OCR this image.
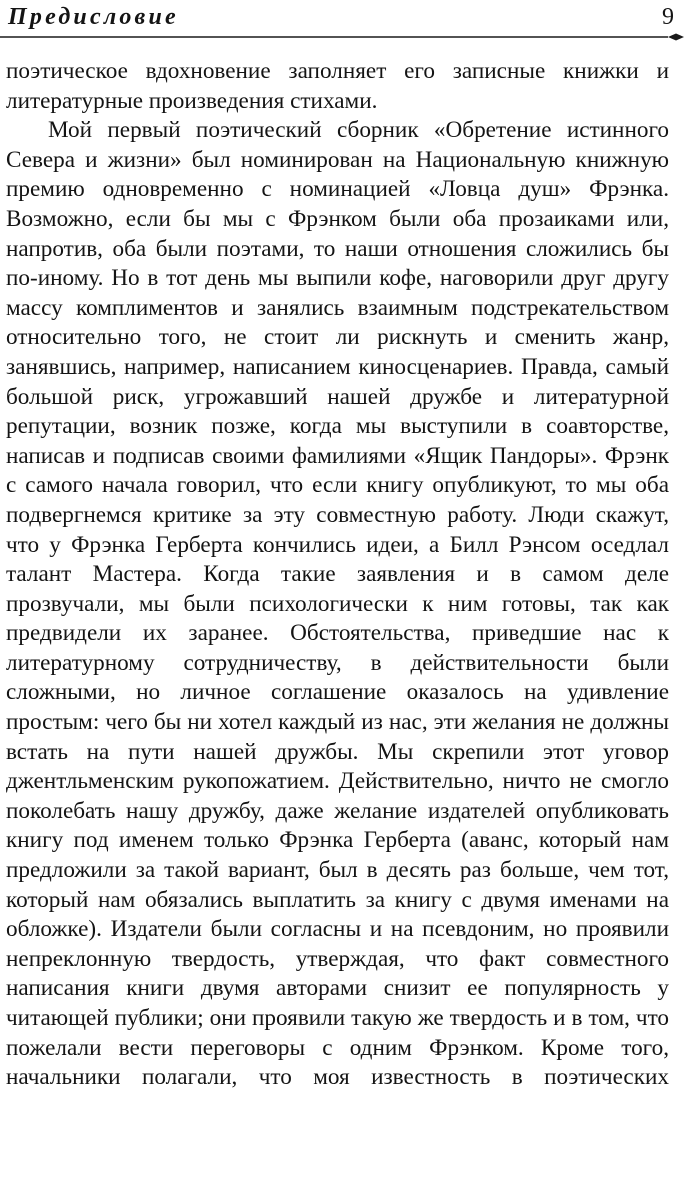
Предисловие	9

поэтическое вдохновение заполняет его записные книжки и литературные произведения стихами.

Мой первый поэтический сборник «Обретение истинного Севера и жизни» был номинирован на Национальную книжную премию одновременно с номинацией «Ловца душ» Фрэнка. Возможно, если бы мы с Фрэнком были оба прозаиками или, напротив, оба были поэтами, то наши отношения сложились бы по-иному. Но в тот день мы выпили кофе, наговорили друг другу массу комплиментов и занялись взаимным подстрекательством относительно того, не стоит ли рискнуть и сменить жанр, занявшись, например, написанием киносценариев. Правда, самый большой риск, угрожавший нашей дружбе и литературной репутации, возник позже, когда мы выступили в соавторстве, написав и подписав своими фамилиями «Ящик Пандоры». Фрэнк с самого начала говорил, что если книгу опубликуют, то мы оба подвергнемся критике за эту совместную работу. Люди скажут, что у Фрэнка Герберта кончились идеи, а Билл Рэнсом оседлал талант Мастера. Когда такие заявления и в самом деле прозвучали, мы были психологически к ним готовы, так как предвидели их заранее. Обстоятельства, приведшие нас к литературному сотрудничеству, в действительности были сложными, но личное соглашение оказалось на удивление простым: чего бы ни хотел каждый из нас, эти желания не должны встать на пути нашей дружбы. Мы скрепили этот уговор джентльменским рукопожатием. Действительно, ничто не смогло поколебать нашу дружбу, даже желание издателей опубликовать книгу под именем только Фрэнка Герберта (аванс, который нам предложили за такой вариант, был в десять раз больше, чем тот, который нам обязались выплатить за книгу с двумя именами на обложке). Издатели были согласны и на псевдоним, но проявили непреклонную твердость, утверждая, что факт совместного написания книги двумя авторами снизит ее популярность у читающей публики; они проявили такую же твердость и в том, что пожелали вести переговоры с одним Фрэнком. Кроме того, начальники полагали, что моя известность в поэтических
